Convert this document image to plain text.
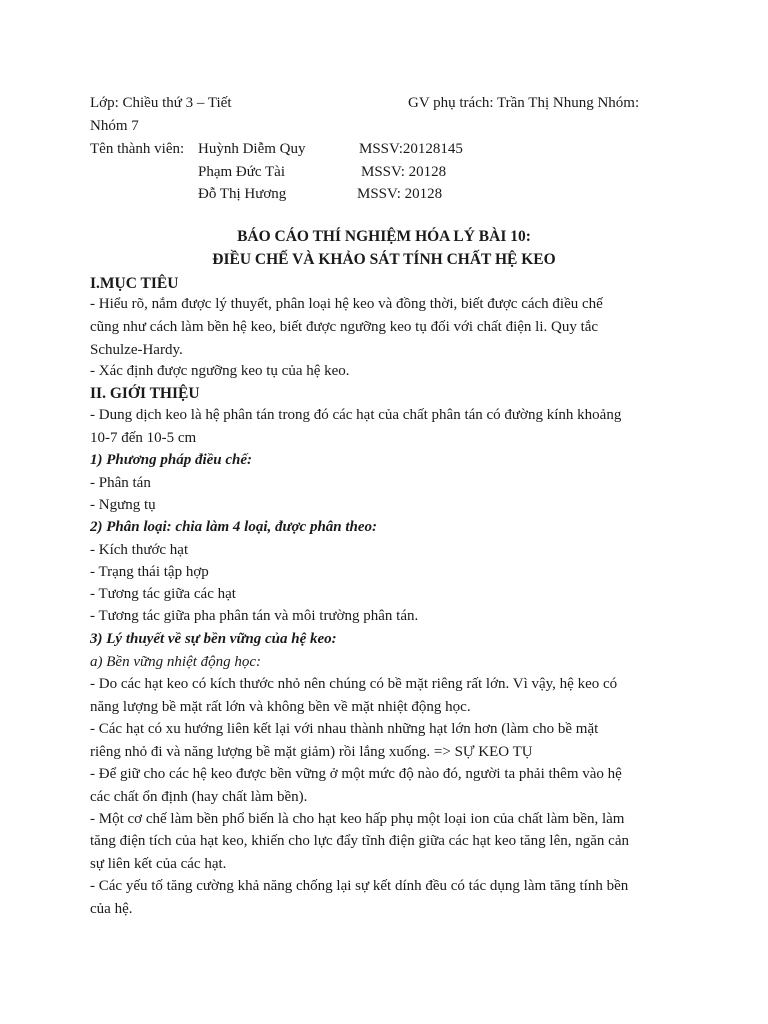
Lớp: Chiều thứ 3 – Tiết	GV phụ trách: Trần Thị Nhung Nhóm:
Nhóm 7
Tên thành viên: Huỳnh Diễm Quy	MSSV:20128145
Phạm Đức Tài	MSSV: 20128
Đỗ Thị Hương	MSSV: 20128
BÁO CÁO THÍ NGHIỆM HÓA LÝ BÀI 10:
ĐIỀU CHẾ VÀ KHẢO SÁT TÍNH CHẤT HỆ KEO
I.MỤC TIÊU
- Hiểu rõ, nắm được lý thuyết, phân loại hệ keo và đồng thời, biết được cách điều chế
cũng như cách làm bền hệ keo, biết được ngưỡng keo tụ đối với chất điện li. Quy tắc
Schulze-Hardy.
- Xác định được ngưỡng keo tụ của hệ keo.
II. GIỚI THIỆU
- Dung dịch keo là hệ phân tán trong đó các hạt của chất phân tán có đường kính khoảng
10-7 đến 10-5 cm
1) Phương pháp điều chế:
- Phân tán
- Ngưng tụ
2) Phân loại: chia làm 4 loại, được phân theo:
- Kích thước hạt
- Trạng thái tập hợp
- Tương tác giữa các hạt
- Tương tác giữa pha phân tán và môi trường phân tán.
3) Lý thuyết về sự bền vững của hệ keo:
a) Bền vững nhiệt động học:
- Do các hạt keo có kích thước nhỏ nên chúng có bề mặt riêng rất lớn. Vì vậy, hệ keo có
năng lượng bề mặt rất lớn và không bền về mặt nhiệt động học.
- Các hạt có xu hướng liên kết lại với nhau thành những hạt lớn hơn (làm cho bề mặt
riêng nhỏ đi và năng lượng bề mặt giảm) rồi lắng xuống. => SỰ KEO TỤ
- Để giữ cho các hệ keo được bền vững ở một mức độ nào đó, người ta phải thêm vào hệ
các chất ổn định (hay chất làm bền).
- Một cơ chế làm bền phổ biến là cho hạt keo hấp phụ một loại ion của chất làm bền, làm
tăng điện tích của hạt keo, khiến cho lực đẩy tĩnh điện giữa các hạt keo tăng lên, ngăn cản
sự liên kết của các hạt.
- Các yếu tố tăng cường khả năng chống lại sự kết dính đều có tác dụng làm tăng tính bền
của hệ.
